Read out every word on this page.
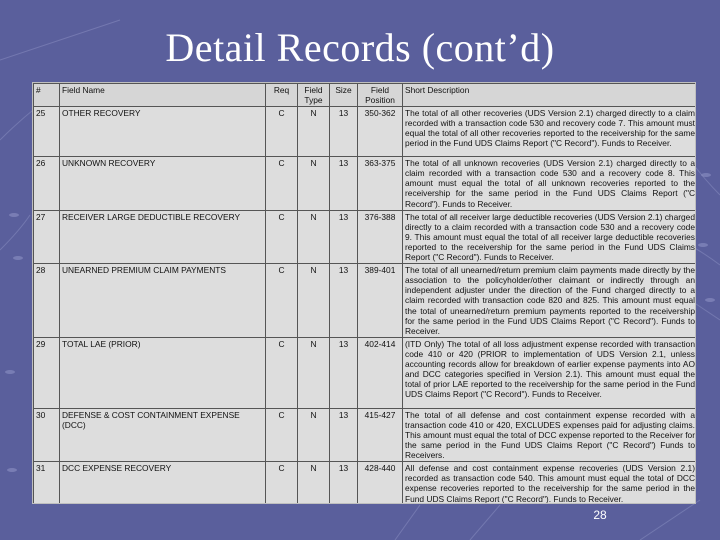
Detail Records (cont’d)
#	Field Name	Req	Field Type	Size	Field Position	Short Description
25	OTHER RECOVERY	C	N	13	350-362	The total of all other recoveries (UDS Version 2.1) charged directly to a claim recorded with a transaction code 530 and recovery code 7. This amount must equal the total of all other recoveries reported to the receivership for the same period in the Fund UDS Claims Report ("C Record"). Funds to Receiver.
26	UNKNOWN RECOVERY	C	N	13	363-375	The total of all unknown recoveries (UDS Version 2.1) charged directly to a claim recorded with a transaction code 530 and a recovery code 8. This amount must equal the total of all unknown recoveries reported to the receivership for the same period in the Fund UDS Claims Report ("C Record"). Funds to Receiver.
27	RECEIVER LARGE DEDUCTIBLE RECOVERY	C	N	13	376-388	The total of all receiver large deductible recoveries (UDS Version 2.1) charged directly to a claim recorded with a transaction code 530 and a recovery code 9. This amount must equal the total of all receiver large deductible recoveries reported to the receivership for the same period in the Fund UDS Claims Report ("C Record"). Funds to Receiver.
28	UNEARNED PREMIUM CLAIM PAYMENTS	C	N	13	389-401	The total of all unearned/return premium claim payments made directly by the association to the policyholder/other claimant or indirectly through an independent adjuster under the direction of the Fund charged directly to a claim recorded with transaction code 820 and 825. This amount must equal the total of unearned/return premium payments reported to the receivership for the same period in the Fund UDS Claims Report ("C Record"). Funds to Receiver.
29	TOTAL LAE (PRIOR)	C	N	13	402-414	(ITD Only) The total of all loss adjustment expense recorded with transaction code 410 or 420 (PRIOR to implementation of UDS Version 2.1, unless accounting records allow for breakdown of earlier expense payments into AO and DCC categories specified in Version 2.1). This amount must equal the total of prior LAE reported to the receivership for the same period in the Fund UDS Claims Report ("C Record"). Funds to Receiver.
30	DEFENSE & COST CONTAINMENT EXPENSE (DCC)	C	N	13	415-427	The total of all defense and cost containment expense recorded with a transaction code 410 or 420, EXCLUDES expenses paid for adjusting claims. This amount must equal the total of DCC expense reported to the Receiver for the same period in the Fund UDS Claims Report ("C Record") Funds to Receivers.
31	DCC EXPENSE RECOVERY	C	N	13	428-440	All defense and cost containment expense recoveries (UDS Version 2.1) recorded as transaction code 540. This amount must equal the total of DCC expense recoveries reported to the receivership for the same period in the Fund UDS Claims Report ("C Record"). Funds to Receiver.
28
